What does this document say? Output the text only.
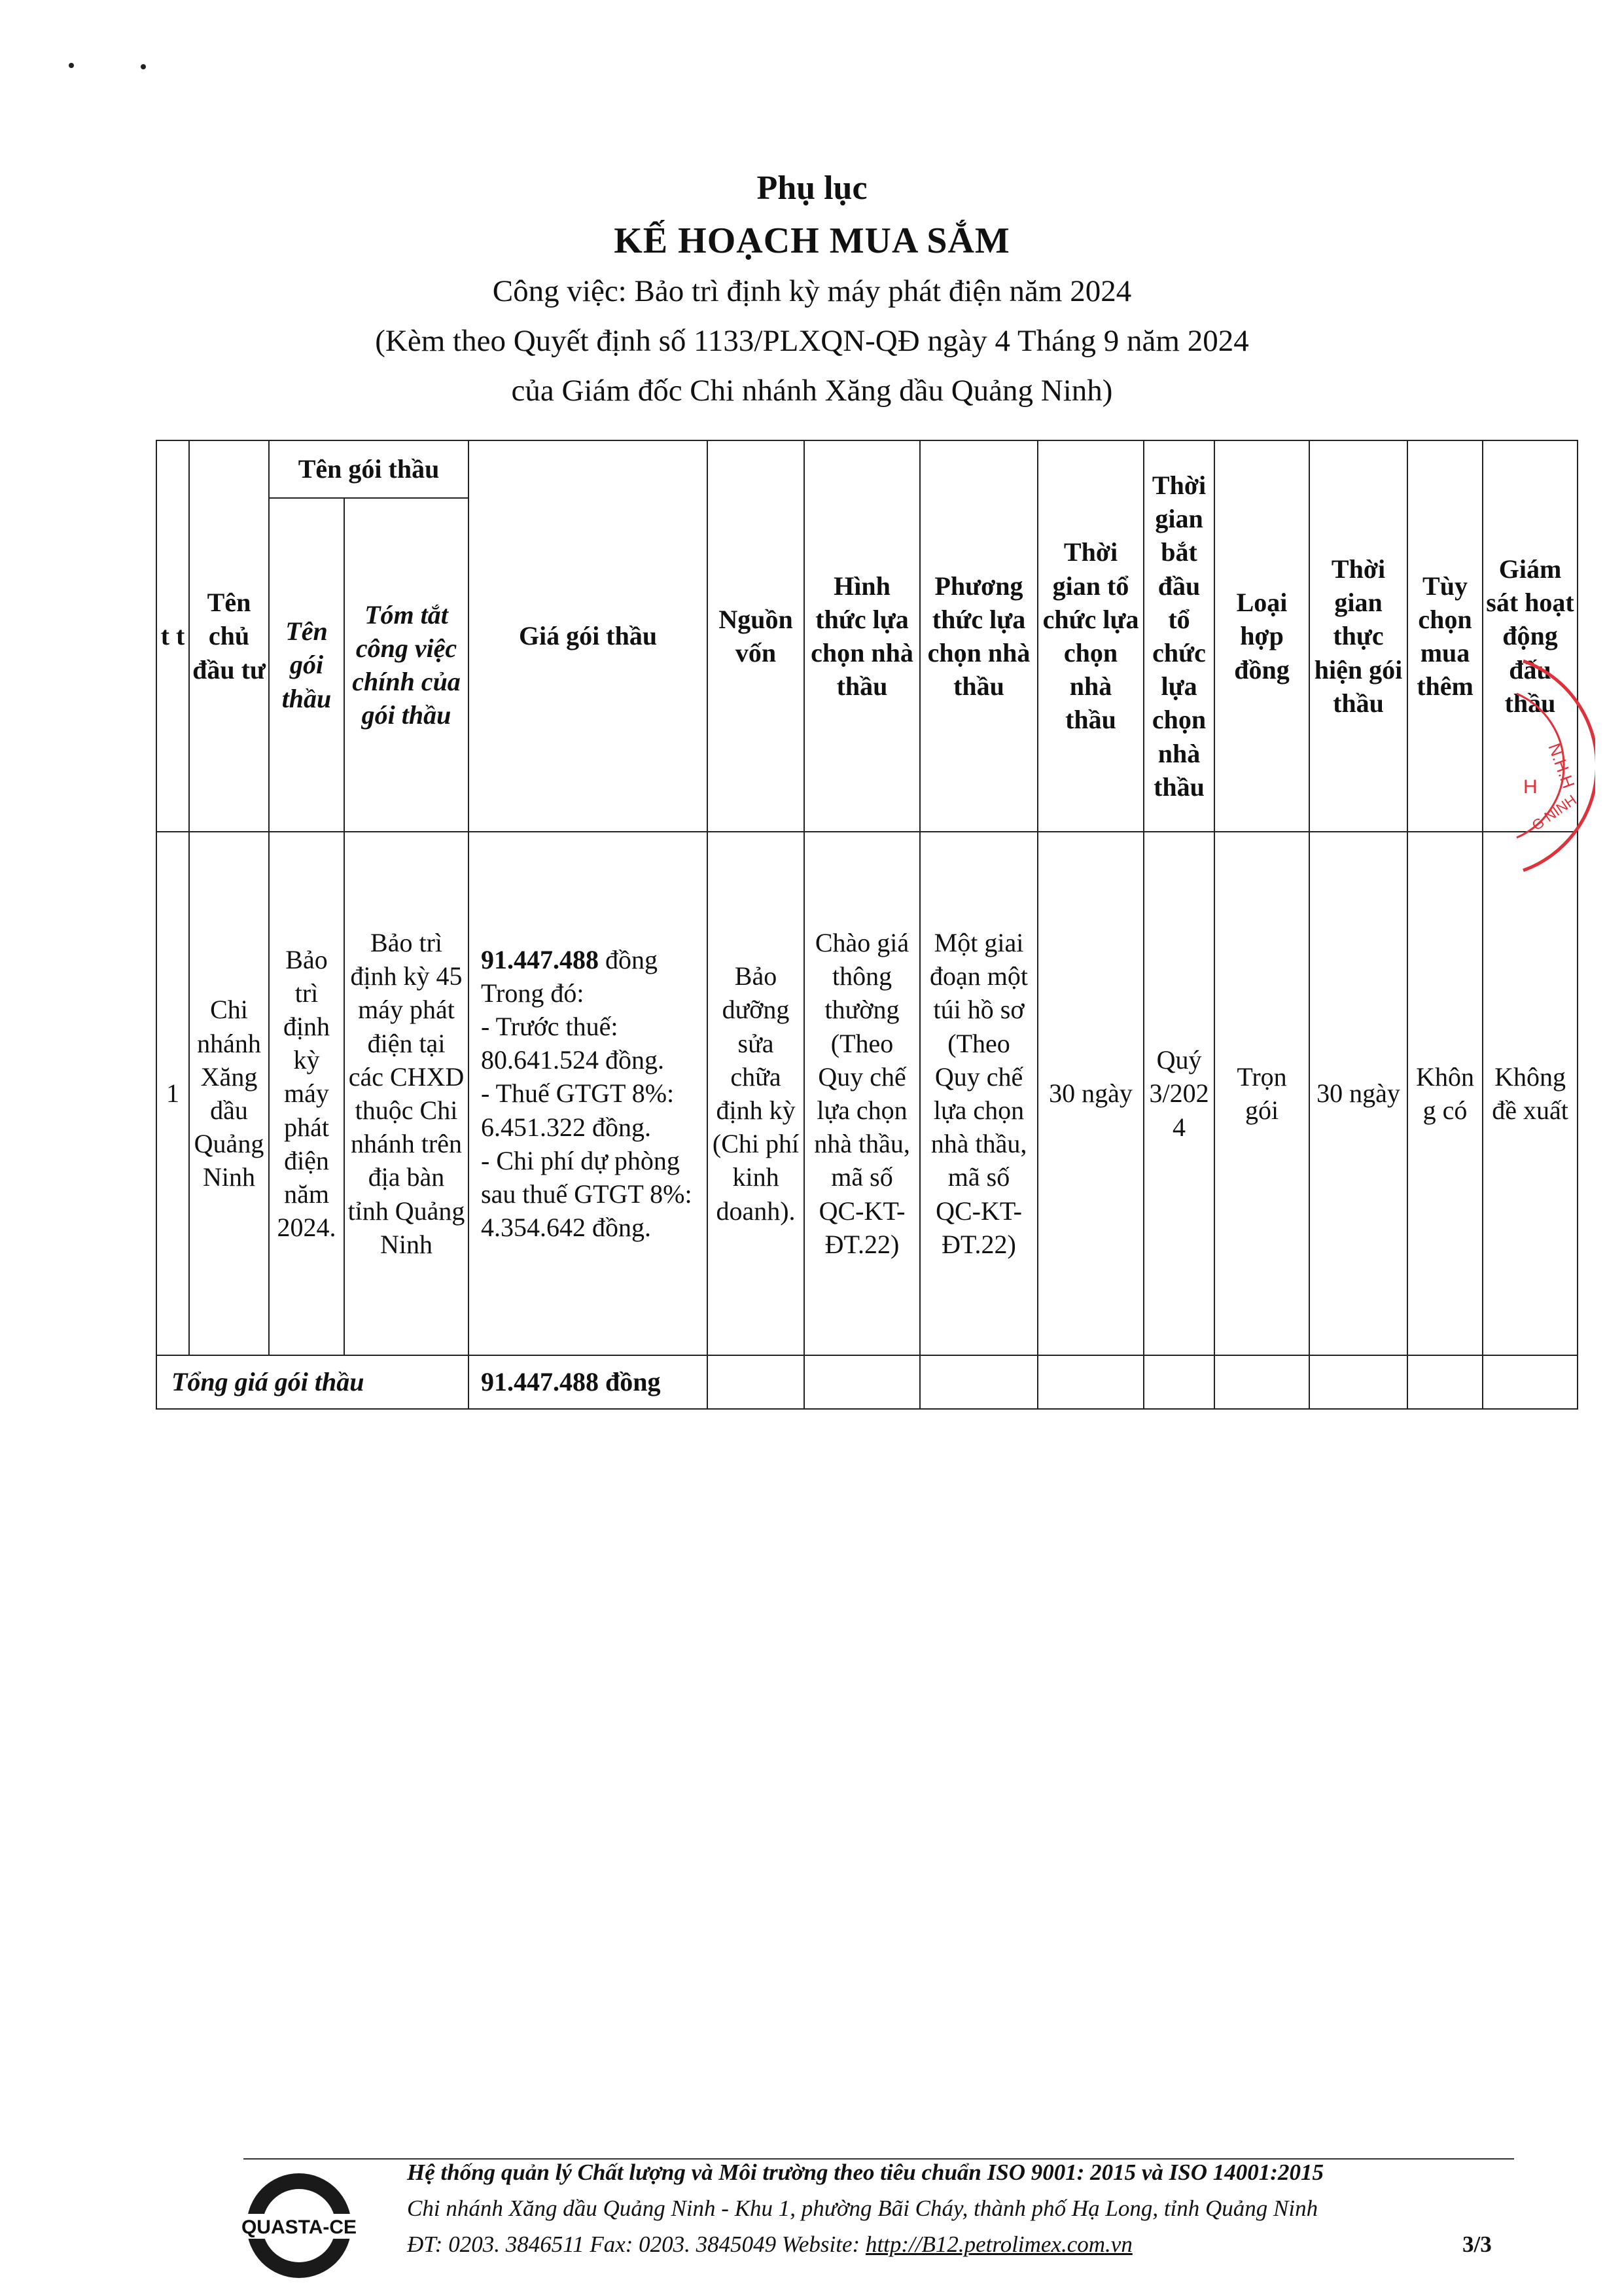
Phụ lục
KẾ HOẠCH MUA SẮM
Công việc: Bảo trì định kỳ máy phát điện năm 2024
(Kèm theo Quyết định số 1133/PLXQN-QĐ ngày 4 Tháng 9 năm 2024
của Giám đốc Chi nhánh Xăng dầu Quảng Ninh)
t t	Tên chủ đầu tư	Tên gói thầu		Giá gói thầu	Nguồn vốn	Hình thức lựa chọn nhà thầu	Phương thức lựa chọn nhà thầu	Thời gian tổ chức lựa chọn nhà thầu	Thời gian bắt đầu tổ chức lựa chọn nhà thầu	Loại hợp đồng	Thời gian thực hiện gói thầu	Tùy chọn mua thêm	Giám sát hoạt động đấu thầu
		Tên gói thầu	Tóm tắt công việc chính của gói thầu										
1	Chi nhánh Xăng dầu Quảng Ninh	Bảo trì định kỳ máy phát điện năm 2024.	Bảo trì định kỳ 45 máy phát điện tại các CHXD thuộc Chi nhánh trên địa bàn tỉnh Quảng Ninh	91.447.488 đồng
Trong đó:
- Trước thuế: 80.641.524 đồng.
- Thuế GTGT 8%: 6.451.322 đồng.
- Chi phí dự phòng sau thuế GTGT 8%: 4.354.642 đồng.	Bảo dưỡng sửa chữa định kỳ (Chi phí kinh doanh).	Chào giá thông thường (Theo Quy chế lựa chọn nhà thầu, mã số QC-KT-ĐT.22)	Một giai đoạn một túi hồ sơ (Theo Quy chế lựa chọn nhà thầu, mã số QC-KT-ĐT.22)	30 ngày	Quý 3/2024	Trọn gói	30 ngày	Không có	Không đề xuất
Tổng giá gói thầu				91.447.488 đồng									
N.H.H
H
G NINH
QUASTA-CE
Hệ thống quản lý Chất lượng và Môi trường theo tiêu chuẩn ISO 9001: 2015 và ISO 14001:2015
Chi nhánh Xăng dầu Quảng Ninh - Khu 1, phường Bãi Cháy, thành phố Hạ Long, tỉnh Quảng Ninh
ĐT: 0203. 3846511 Fax: 0203. 3845049 Website: http://B12.petrolimex.com.vn	3/3
